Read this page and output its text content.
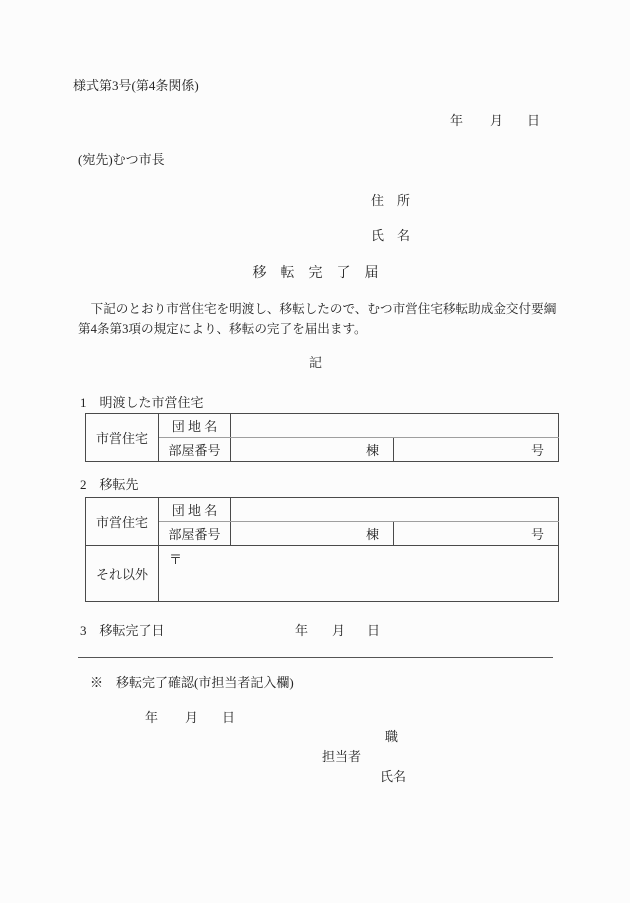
様式第3号(第4条関係)
年 月 日
(宛先)むつ市長
住　所
氏　名
移　転　完　了　届
下記のとおり市営住宅を明渡し、移転したので、むつ市営住宅移転助成金交付要綱
第4条第3項の規定により、移転の完了を届出ます。
記
1　明渡した市営住宅
市営住宅	団 地 名		
	部屋番号	棟	号
2　移転先
市営住宅	団 地 名		
	部屋番号	棟	号
それ以外	〒		
3　移転完了日	年 月 日
※　移転完了確認(市担当者記入欄)
年 月 日
職
担当者
氏名
